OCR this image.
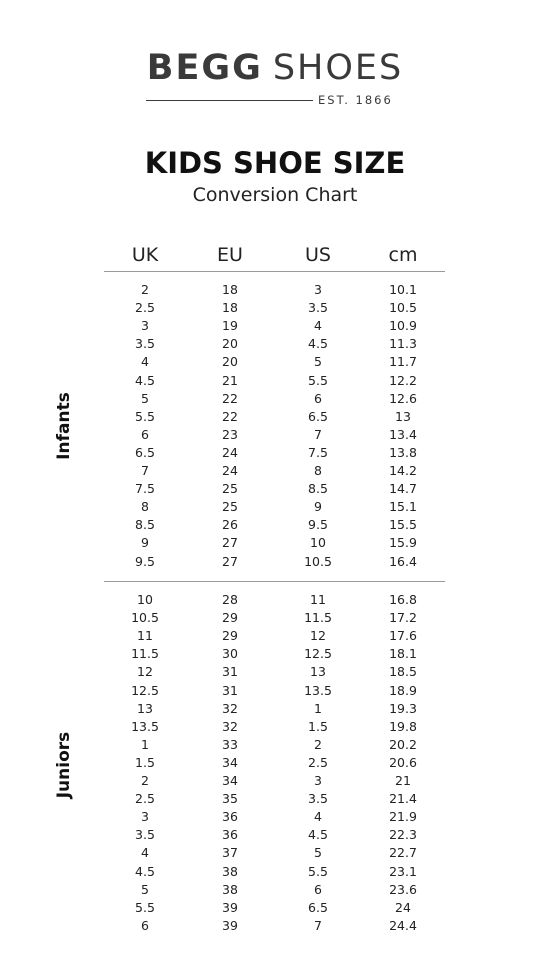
BEGG SHOES
EST. 1866
KIDS SHOE SIZE
Conversion Chart
UK	EU	US	cm
Infants
Juniors
2	18	3	10.1
2.5	18	3.5	10.5
3	19	4	10.9
3.5	20	4.5	11.3
4	20	5	11.7
4.5	21	5.5	12.2
5	22	6	12.6
5.5	22	6.5	13
6	23	7	13.4
6.5	24	7.5	13.8
7	24	8	14.2
7.5	25	8.5	14.7
8	25	9	15.1
8.5	26	9.5	15.5
9	27	10	15.9
9.5	27	10.5	16.4
10	28	11	16.8
10.5	29	11.5	17.2
11	29	12	17.6
11.5	30	12.5	18.1
12	31	13	18.5
12.5	31	13.5	18.9
13	32	1	19.3
13.5	32	1.5	19.8
1	33	2	20.2
1.5	34	2.5	20.6
2	34	3	21
2.5	35	3.5	21.4
3	36	4	21.9
3.5	36	4.5	22.3
4	37	5	22.7
4.5	38	5.5	23.1
5	38	6	23.6
5.5	39	6.5	24
6	39	7	24.4
